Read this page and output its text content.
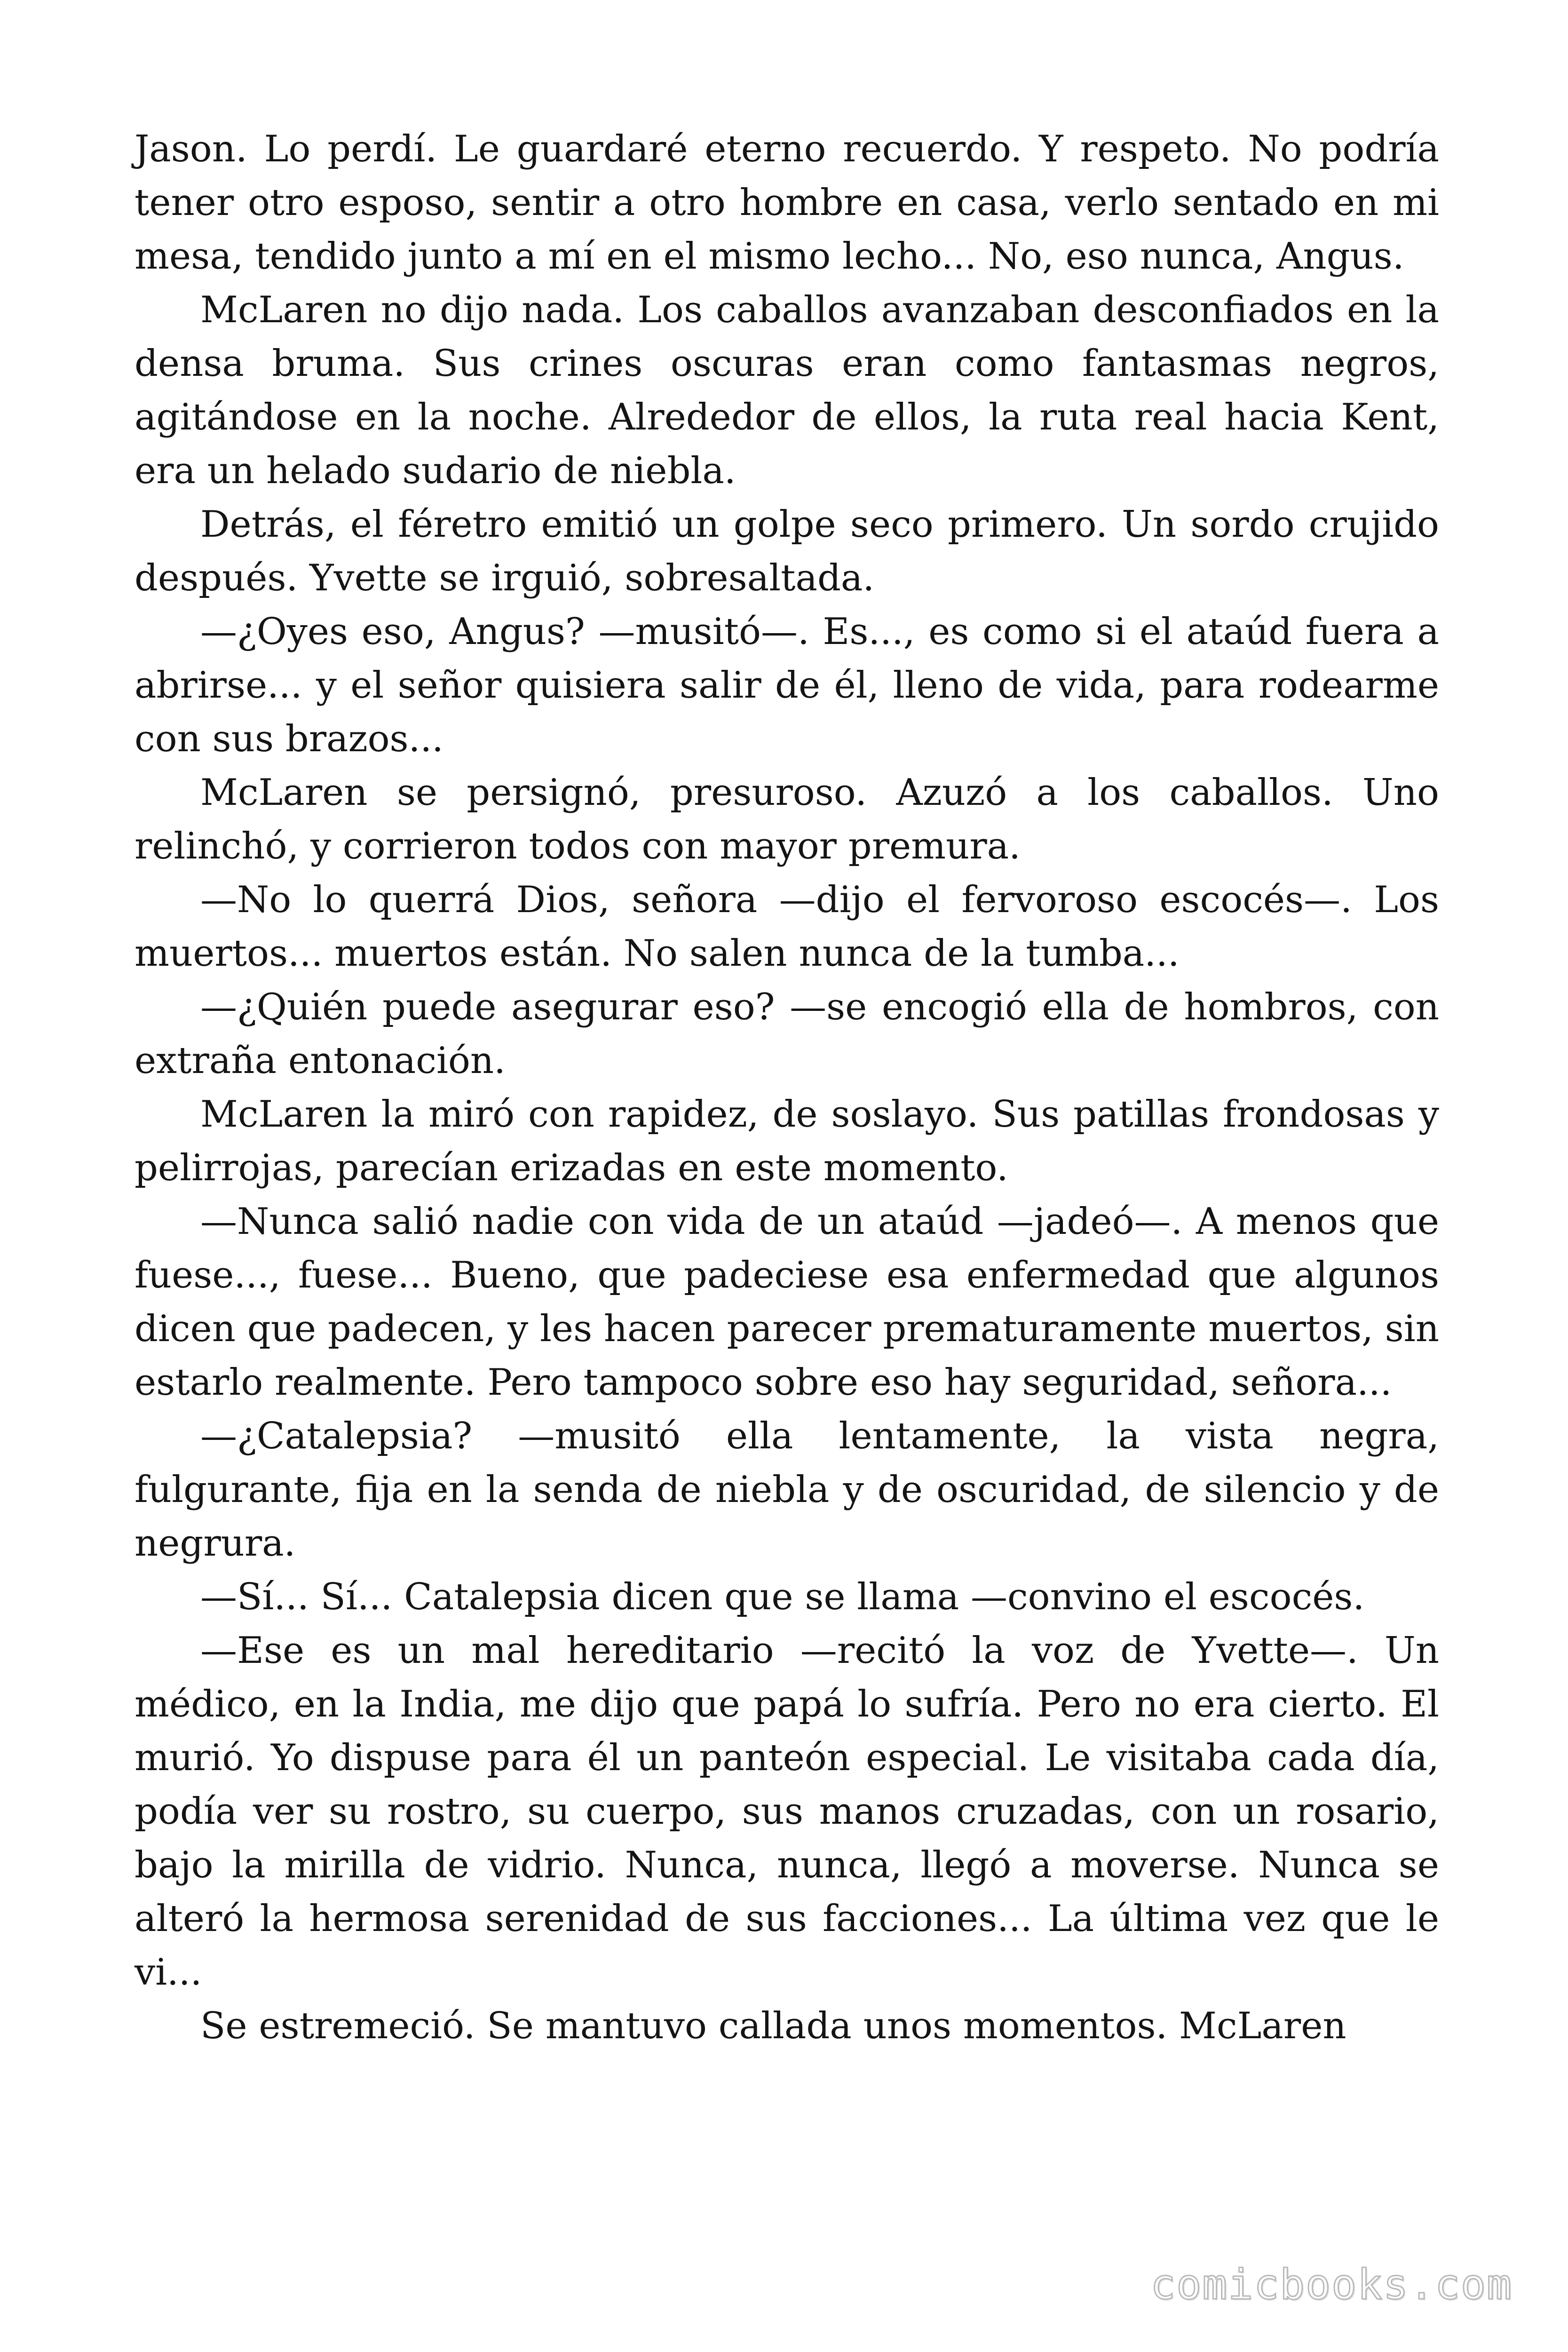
Jason. Lo perdí. Le guardaré eterno recuerdo. Y respeto. No podría tener otro esposo, sentir a otro hombre en casa, verlo sentado en mi mesa, tendido junto a mí en el mismo lecho... No, eso nunca, Angus.

McLaren no dijo nada. Los caballos avanzaban desconfiados en la densa bruma. Sus crines oscuras eran como fantasmas negros, agitándose en la noche. Alrededor de ellos, la ruta real hacia Kent, era un helado sudario de niebla.

Detrás, el féretro emitió un golpe seco primero. Un sordo crujido después. Yvette se irguió, sobresaltada.

—¿Oyes eso, Angus? —musitó—. Es..., es como si el ataúd fuera a abrirse... y el señor quisiera salir de él, lleno de vida, para rodearme con sus brazos...

McLaren se persignó, presuroso. Azuzó a los caballos. Uno relinchó, y corrieron todos con mayor premura.

—No lo querrá Dios, señora —dijo el fervoroso escocés—. Los muertos... muertos están. No salen nunca de la tumba...

—¿Quién puede asegurar eso? —se encogió ella de hombros, con extraña entonación.

McLaren la miró con rapidez, de soslayo. Sus patillas frondosas y pelirrojas, parecían erizadas en este momento.

—Nunca salió nadie con vida de un ataúd —jadeó—. A menos que fuese..., fuese... Bueno, que padeciese esa enfermedad que algunos dicen que padecen, y les hacen parecer prematuramente muertos, sin estarlo realmente. Pero tampoco sobre eso hay seguridad, señora...

—¿Catalepsia? —musitó ella lentamente, la vista negra, fulgurante, fija en la senda de niebla y de oscuridad, de silencio y de negrura.

—Sí... Sí... Catalepsia dicen que se llama —convino el escocés.

—Ese es un mal hereditario —recitó la voz de Yvette—. Un médico, en la India, me dijo que papá lo sufría. Pero no era cierto. El murió. Yo dispuse para él un panteón especial. Le visitaba cada día, podía ver su rostro, su cuerpo, sus manos cruzadas, con un rosario, bajo la mirilla de vidrio. Nunca, nunca, llegó a moverse. Nunca se alteró la hermosa serenidad de sus facciones... La última vez que le vi...

Se estremeció. Se mantuvo callada unos momentos. McLaren

comicbooks.com
